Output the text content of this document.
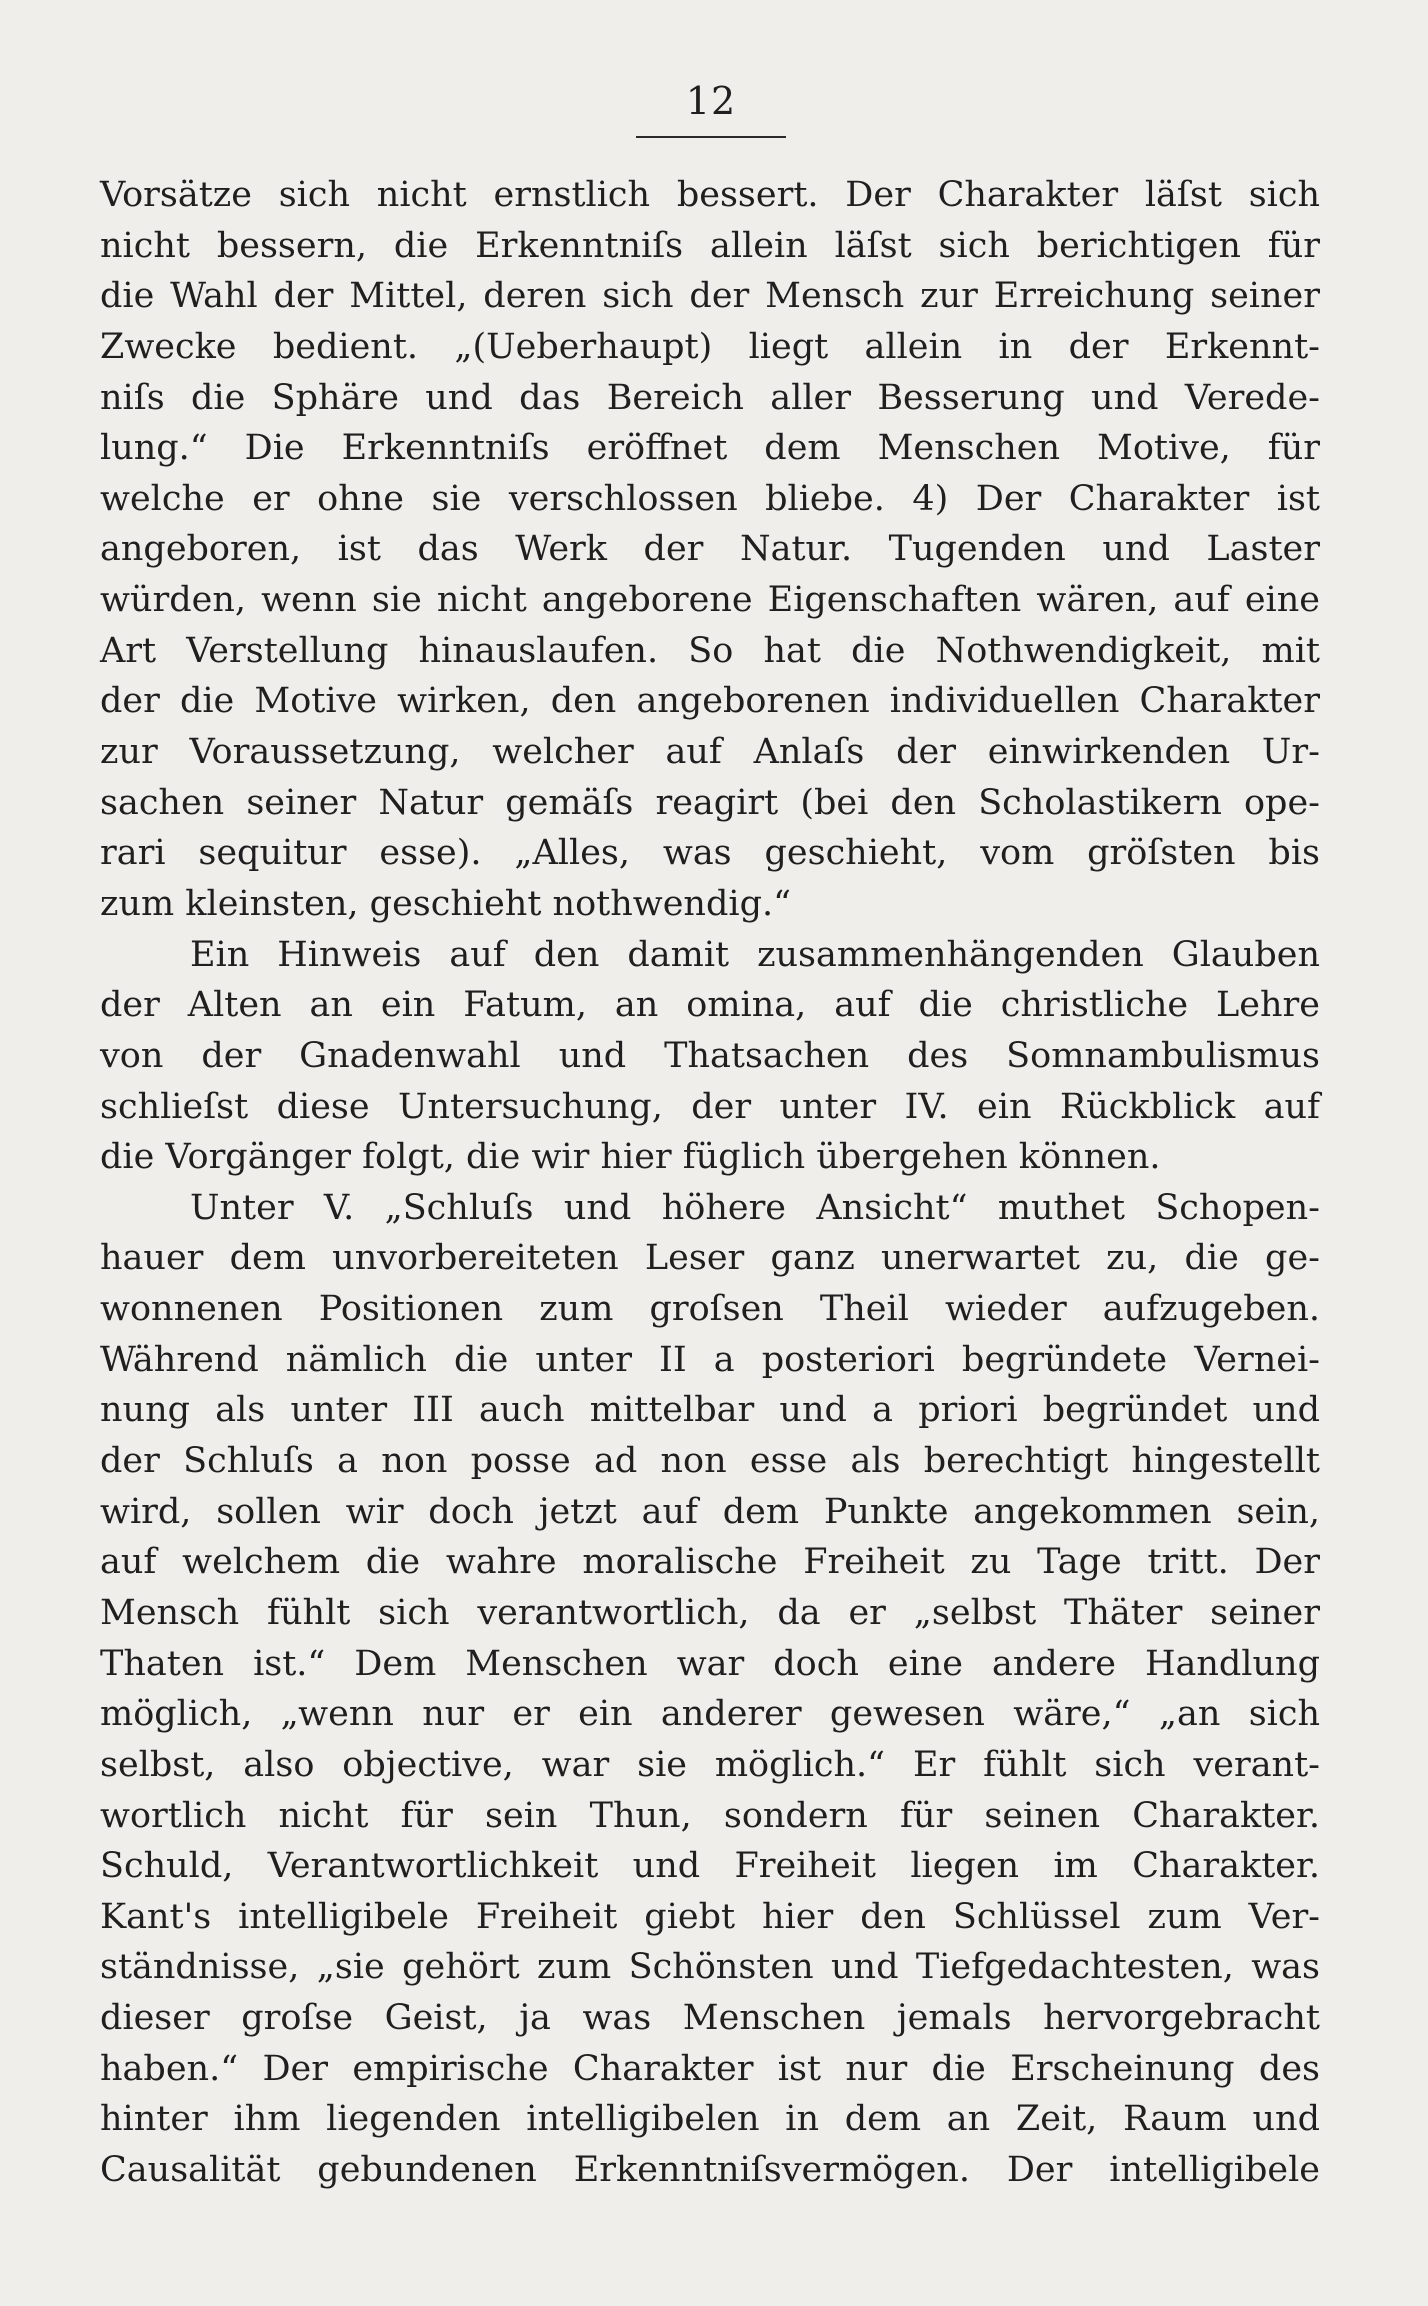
12
Vorsätze sich nicht ernstlich bessert. Der Charakter läſst sich
nicht bessern, die Erkenntniſs allein läſst sich berichtigen für
die Wahl der Mittel, deren sich der Mensch zur Erreichung seiner
Zwecke bedient. „(Ueberhaupt) liegt allein in der Erkennt-
niſs die Sphäre und das Bereich aller Besserung und Veredе-
lung.“ Die Erkenntniſs eröffnet dem Menschen Motive, für
welche er ohne sie verschlossen bliebe. 4) Der Charakter ist
angeboren, ist das Werk der Natur. Tugenden und Laster
würden, wenn sie nicht angeborene Eigenschaften wären, auf eine
Art Verstellung hinauslaufen. So hat die Nothwendigkeit, mit
der die Motive wirken, den angeborenen individuellen Charakter
zur Voraussetzung, welcher auf Anlaſs der einwirkenden Ur-
sachen seiner Natur gemäſs reagirt (bei den Scholastikern ope-
rari sequitur esse). „Alles, was geschieht, vom gröſsten bis
zum kleinsten, geschieht nothwendig.“
Ein Hinweis auf den damit zusammenhängenden Glauben
der Alten an ein Fatum, an omina, auf die christliche Lehre
von der Gnadenwahl und Thatsachen des Somnambulismus
schlieſst diese Untersuchung, der unter IV. ein Rückblick auf
die Vorgänger folgt, die wir hier füglich übergehen können.
Unter V. „Schluſs und höhere Ansicht“ muthet Schopen-
hauer dem unvorbereiteten Leser ganz unerwartet zu, die ge-
wonnenen Positionen zum groſsen Theil wieder aufzugeben.
Während nämlich die unter II a posteriori begründete Vernei-
nung als unter III auch mittelbar und a priori begründet und
der Schluſs a non posse ad non esse als berechtigt hingestellt
wird, sollen wir doch jetzt auf dem Punkte angekommen sein,
auf welchem die wahre moralische Freiheit zu Tage tritt. Der
Mensch fühlt sich verantwortlich, da er „selbst Thäter seiner
Thaten ist.“ Dem Menschen war doch eine andere Handlung
möglich, „wenn nur er ein anderer gewesen wäre,“ „an sich
selbst, also objective, war sie möglich.“ Er fühlt sich verant-
wortlich nicht für sein Thun, sondern für seinen Charakter.
Schuld, Verantwortlichkeit und Freiheit liegen im Charakter.
Kant's intelligibele Freiheit giebt hier den Schlüssel zum Ver-
ständnisse, „sie gehört zum Schönsten und Tiefgedachtesten, was
dieser groſse Geist, ja was Menschen jemals hervorgebracht
haben.“ Der empirische Charakter ist nur die Erscheinung des
hinter ihm liegenden intelligibelen in dem an Zeit, Raum und
Causalität gebundenen Erkenntniſsvermögen. Der intelligibele
